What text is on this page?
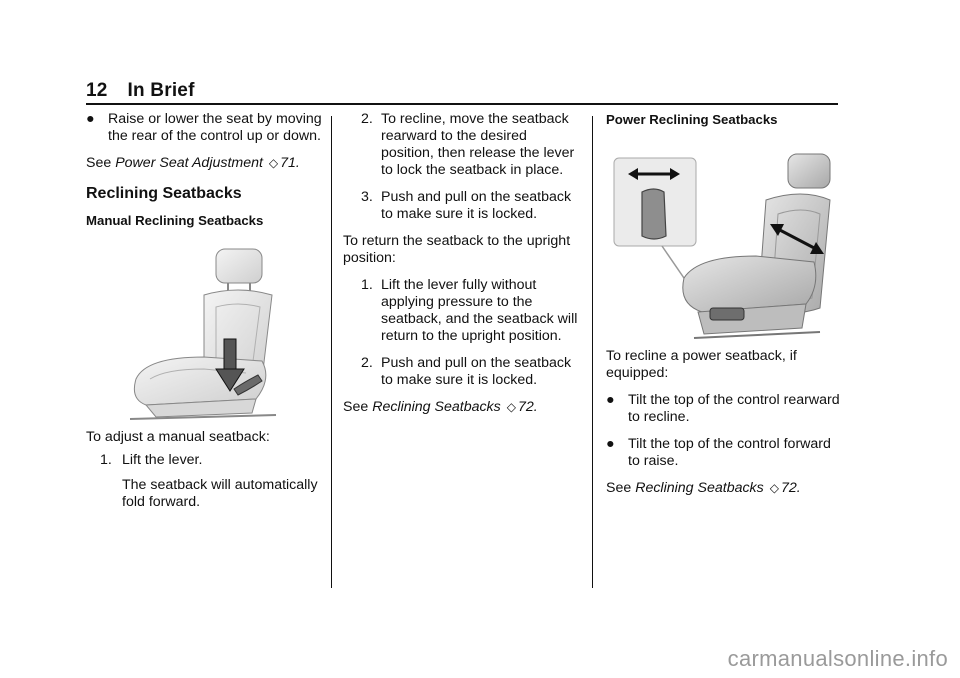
12 In Brief

● Raise or lower the seat by moving the rear of the control up or down.

See Power Seat Adjustment ◇ 71.

Reclining Seatbacks

Manual Reclining Seatbacks

To adjust a manual seatback:

1. Lift the lever.

The seatback will automatically fold forward.

2. To recline, move the seatback rearward to the desired position, then release the lever to lock the seatback in place.

3. Push and pull on the seatback to make sure it is locked.

To return the seatback to the upright position:

1. Lift the lever fully without applying pressure to the seatback, and the seatback will return to the upright position.

2. Push and pull on the seatback to make sure it is locked.

See Reclining Seatbacks ◇ 72.

Power Reclining Seatbacks

To recline a power seatback, if equipped:

● Tilt the top of the control rearward to recline.

● Tilt the top of the control forward to raise.

See Reclining Seatbacks ◇ 72.

carmanualsonline.info
